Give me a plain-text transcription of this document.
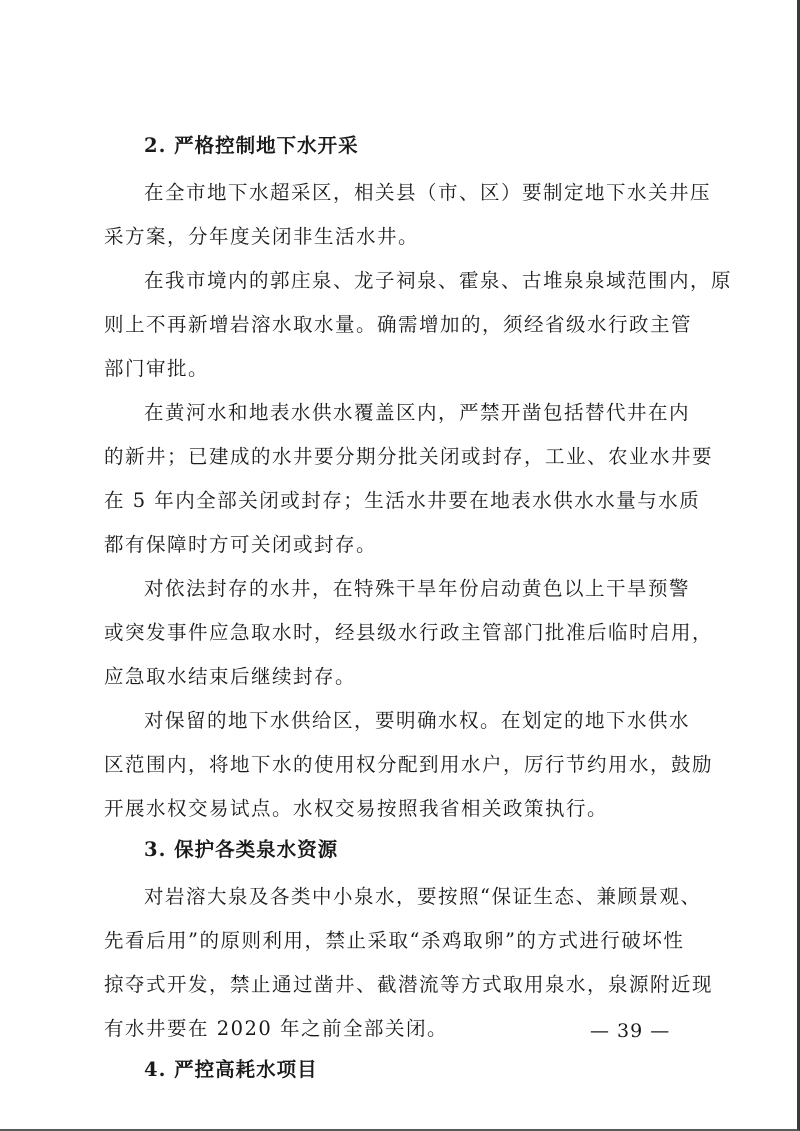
2. 严格控制地下水开采

在全市地下水超采区，相关县（市、区）要制定地下水关井压
采方案，分年度关闭非生活水井。

在我市境内的郭庄泉、龙子祠泉、霍泉、古堆泉泉域范围内，原
则上不再新增岩溶水取水量。确需增加的，须经省级水行政主管
部门审批。

在黄河水和地表水供水覆盖区内，严禁开凿包括替代井在内
的新井；已建成的水井要分期分批关闭或封存，工业、农业水井要
在 5 年内全部关闭或封存；生活水井要在地表水供水水量与水质
都有保障时方可关闭或封存。

对依法封存的水井，在特殊干旱年份启动黄色以上干旱预警
或突发事件应急取水时，经县级水行政主管部门批准后临时启用，
应急取水结束后继续封存。

对保留的地下水供给区，要明确水权。在划定的地下水供水
区范围内，将地下水的使用权分配到用水户，厉行节约用水，鼓励
开展水权交易试点。水权交易按照我省相关政策执行。

3. 保护各类泉水资源

对岩溶大泉及各类中小泉水，要按照“保证生态、兼顾景观、
先看后用”的原则利用，禁止采取“杀鸡取卵”的方式进行破坏性
掠夺式开发，禁止通过凿井、截潜流等方式取用泉水，泉源附近现
有水井要在 2020 年之前全部关闭。

4. 严控高耗水项目

— 39 —
